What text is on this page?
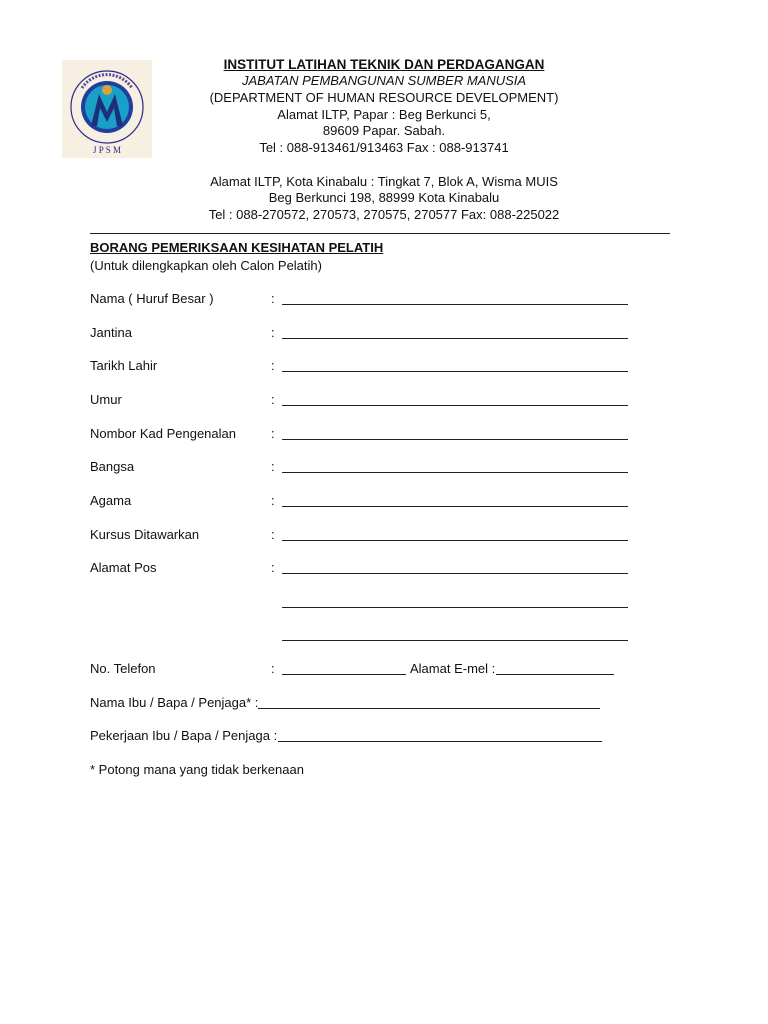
J P S M
INSTITUT LATIHAN TEKNIK DAN PERDAGANGAN
JABATAN PEMBANGUNAN SUMBER MANUSIA
(DEPARTMENT OF HUMAN RESOURCE DEVELOPMENT)
Alamat ILTP, Papar : Beg Berkunci 5,
89609 Papar. Sabah.
Tel : 088-913461/913463 Fax : 088-913741
Alamat ILTP, Kota Kinabalu : Tingkat 7, Blok A, Wisma MUIS
Beg Berkunci 198, 88999 Kota Kinabalu
Tel : 088-270572, 270573, 270575, 270577 Fax: 088-225022
BORANG PEMERIKSAAN KESIHATAN PELATIH
(Untuk dilengkapkan oleh Calon Pelatih)
Nama ( Huruf Besar )	:
Jantina	:
Tarikh Lahir	:
Umur	:
Nombor Kad Pengenalan	:
Bangsa	:
Agama	:
Kursus Ditawarkan	:
Alamat Pos	:
No. Telefon	:	Alamat E-mel :
Nama Ibu / Bapa / Penjaga* :
Pekerjaan Ibu / Bapa / Penjaga :
* Potong mana yang tidak berkenaan
